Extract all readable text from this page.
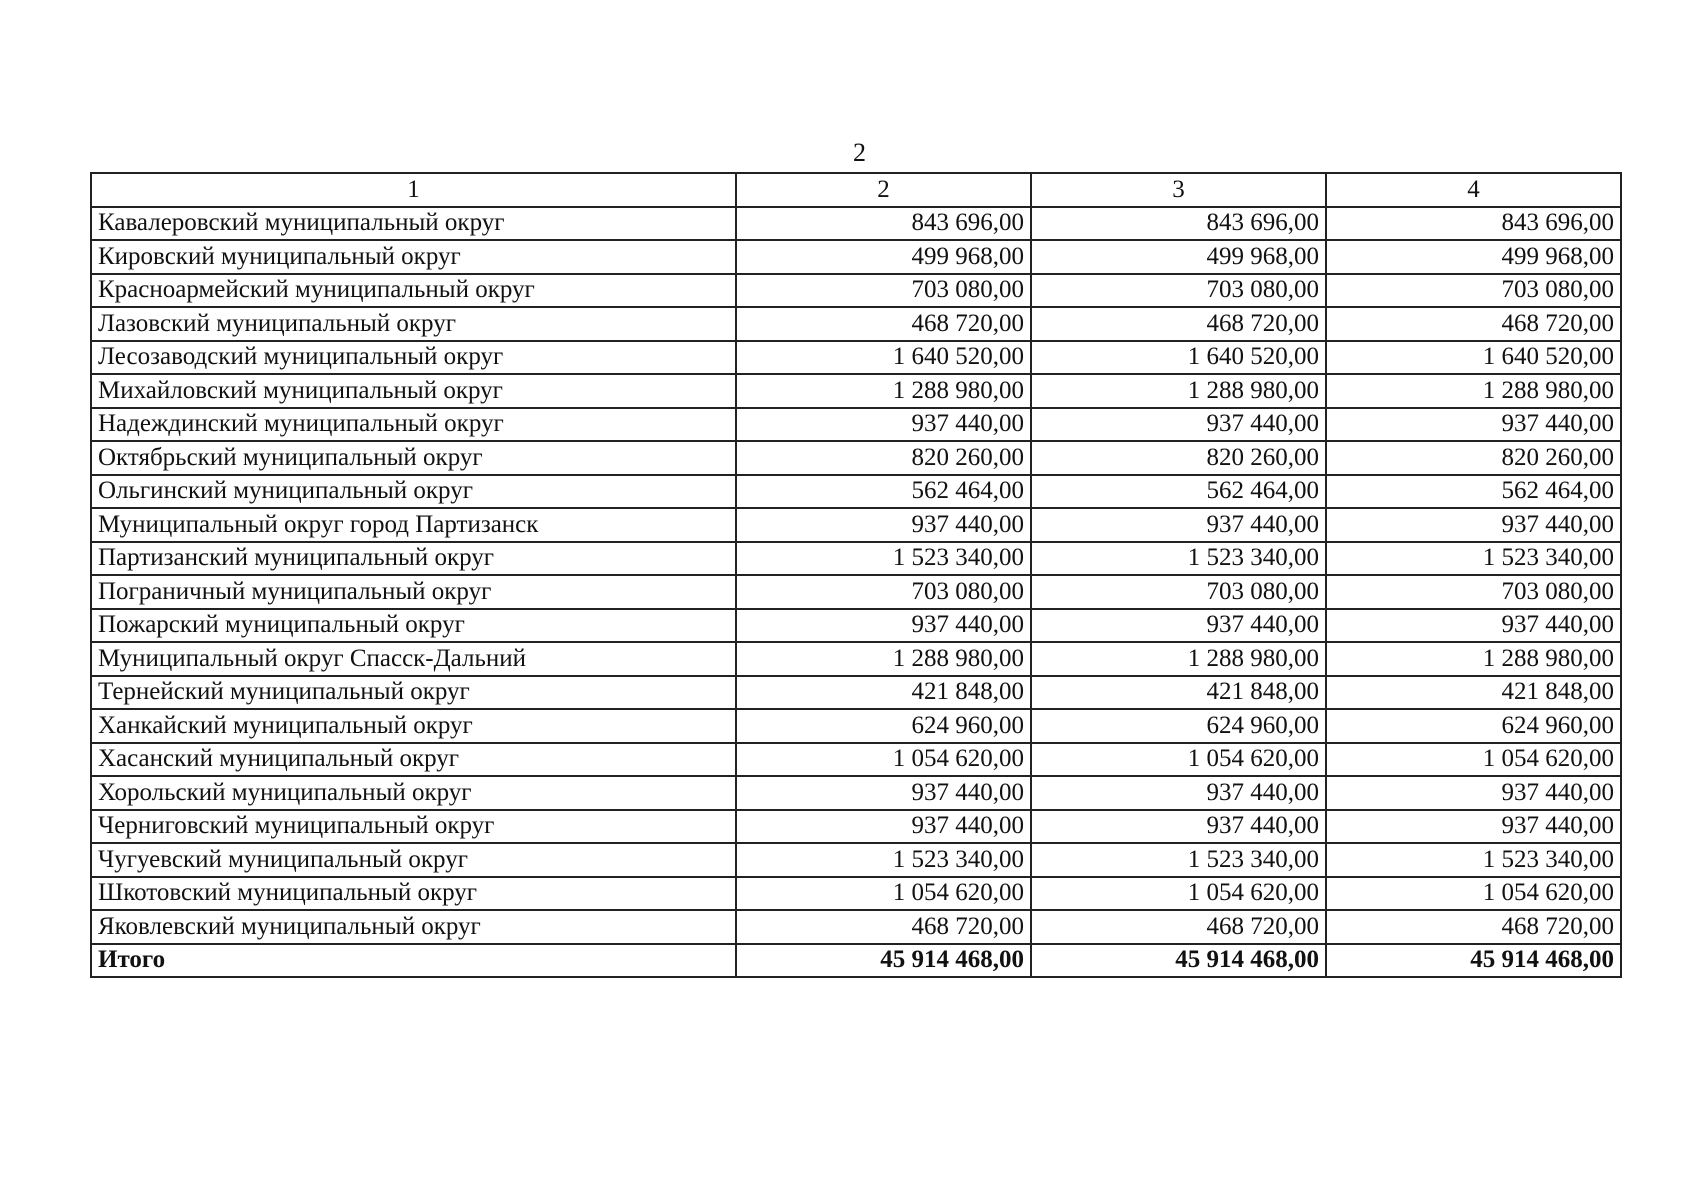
2
1	2	3	4
Кавалеровский муниципальный округ	843 696,00	843 696,00	843 696,00
Кировский муниципальный округ	499 968,00	499 968,00	499 968,00
Красноармейский муниципальный округ	703 080,00	703 080,00	703 080,00
Лазовский муниципальный округ	468 720,00	468 720,00	468 720,00
Лесозаводский муниципальный округ	1 640 520,00	1 640 520,00	1 640 520,00
Михайловский муниципальный округ	1 288 980,00	1 288 980,00	1 288 980,00
Надеждинский муниципальный округ	937 440,00	937 440,00	937 440,00
Октябрьский муниципальный округ	820 260,00	820 260,00	820 260,00
Ольгинский муниципальный округ	562 464,00	562 464,00	562 464,00
Муниципальный округ город Партизанск	937 440,00	937 440,00	937 440,00
Партизанский муниципальный округ	1 523 340,00	1 523 340,00	1 523 340,00
Пограничный муниципальный округ	703 080,00	703 080,00	703 080,00
Пожарский муниципальный округ	937 440,00	937 440,00	937 440,00
Муниципальный округ Спасск-Дальний	1 288 980,00	1 288 980,00	1 288 980,00
Тернейский муниципальный округ	421 848,00	421 848,00	421 848,00
Ханкайский муниципальный округ	624 960,00	624 960,00	624 960,00
Хасанский муниципальный округ	1 054 620,00	1 054 620,00	1 054 620,00
Хорольский муниципальный округ	937 440,00	937 440,00	937 440,00
Черниговский муниципальный округ	937 440,00	937 440,00	937 440,00
Чугуевский муниципальный округ	1 523 340,00	1 523 340,00	1 523 340,00
Шкотовский муниципальный округ	1 054 620,00	1 054 620,00	1 054 620,00
Яковлевский муниципальный округ	468 720,00	468 720,00	468 720,00
Итого	45 914 468,00	45 914 468,00	45 914 468,00
